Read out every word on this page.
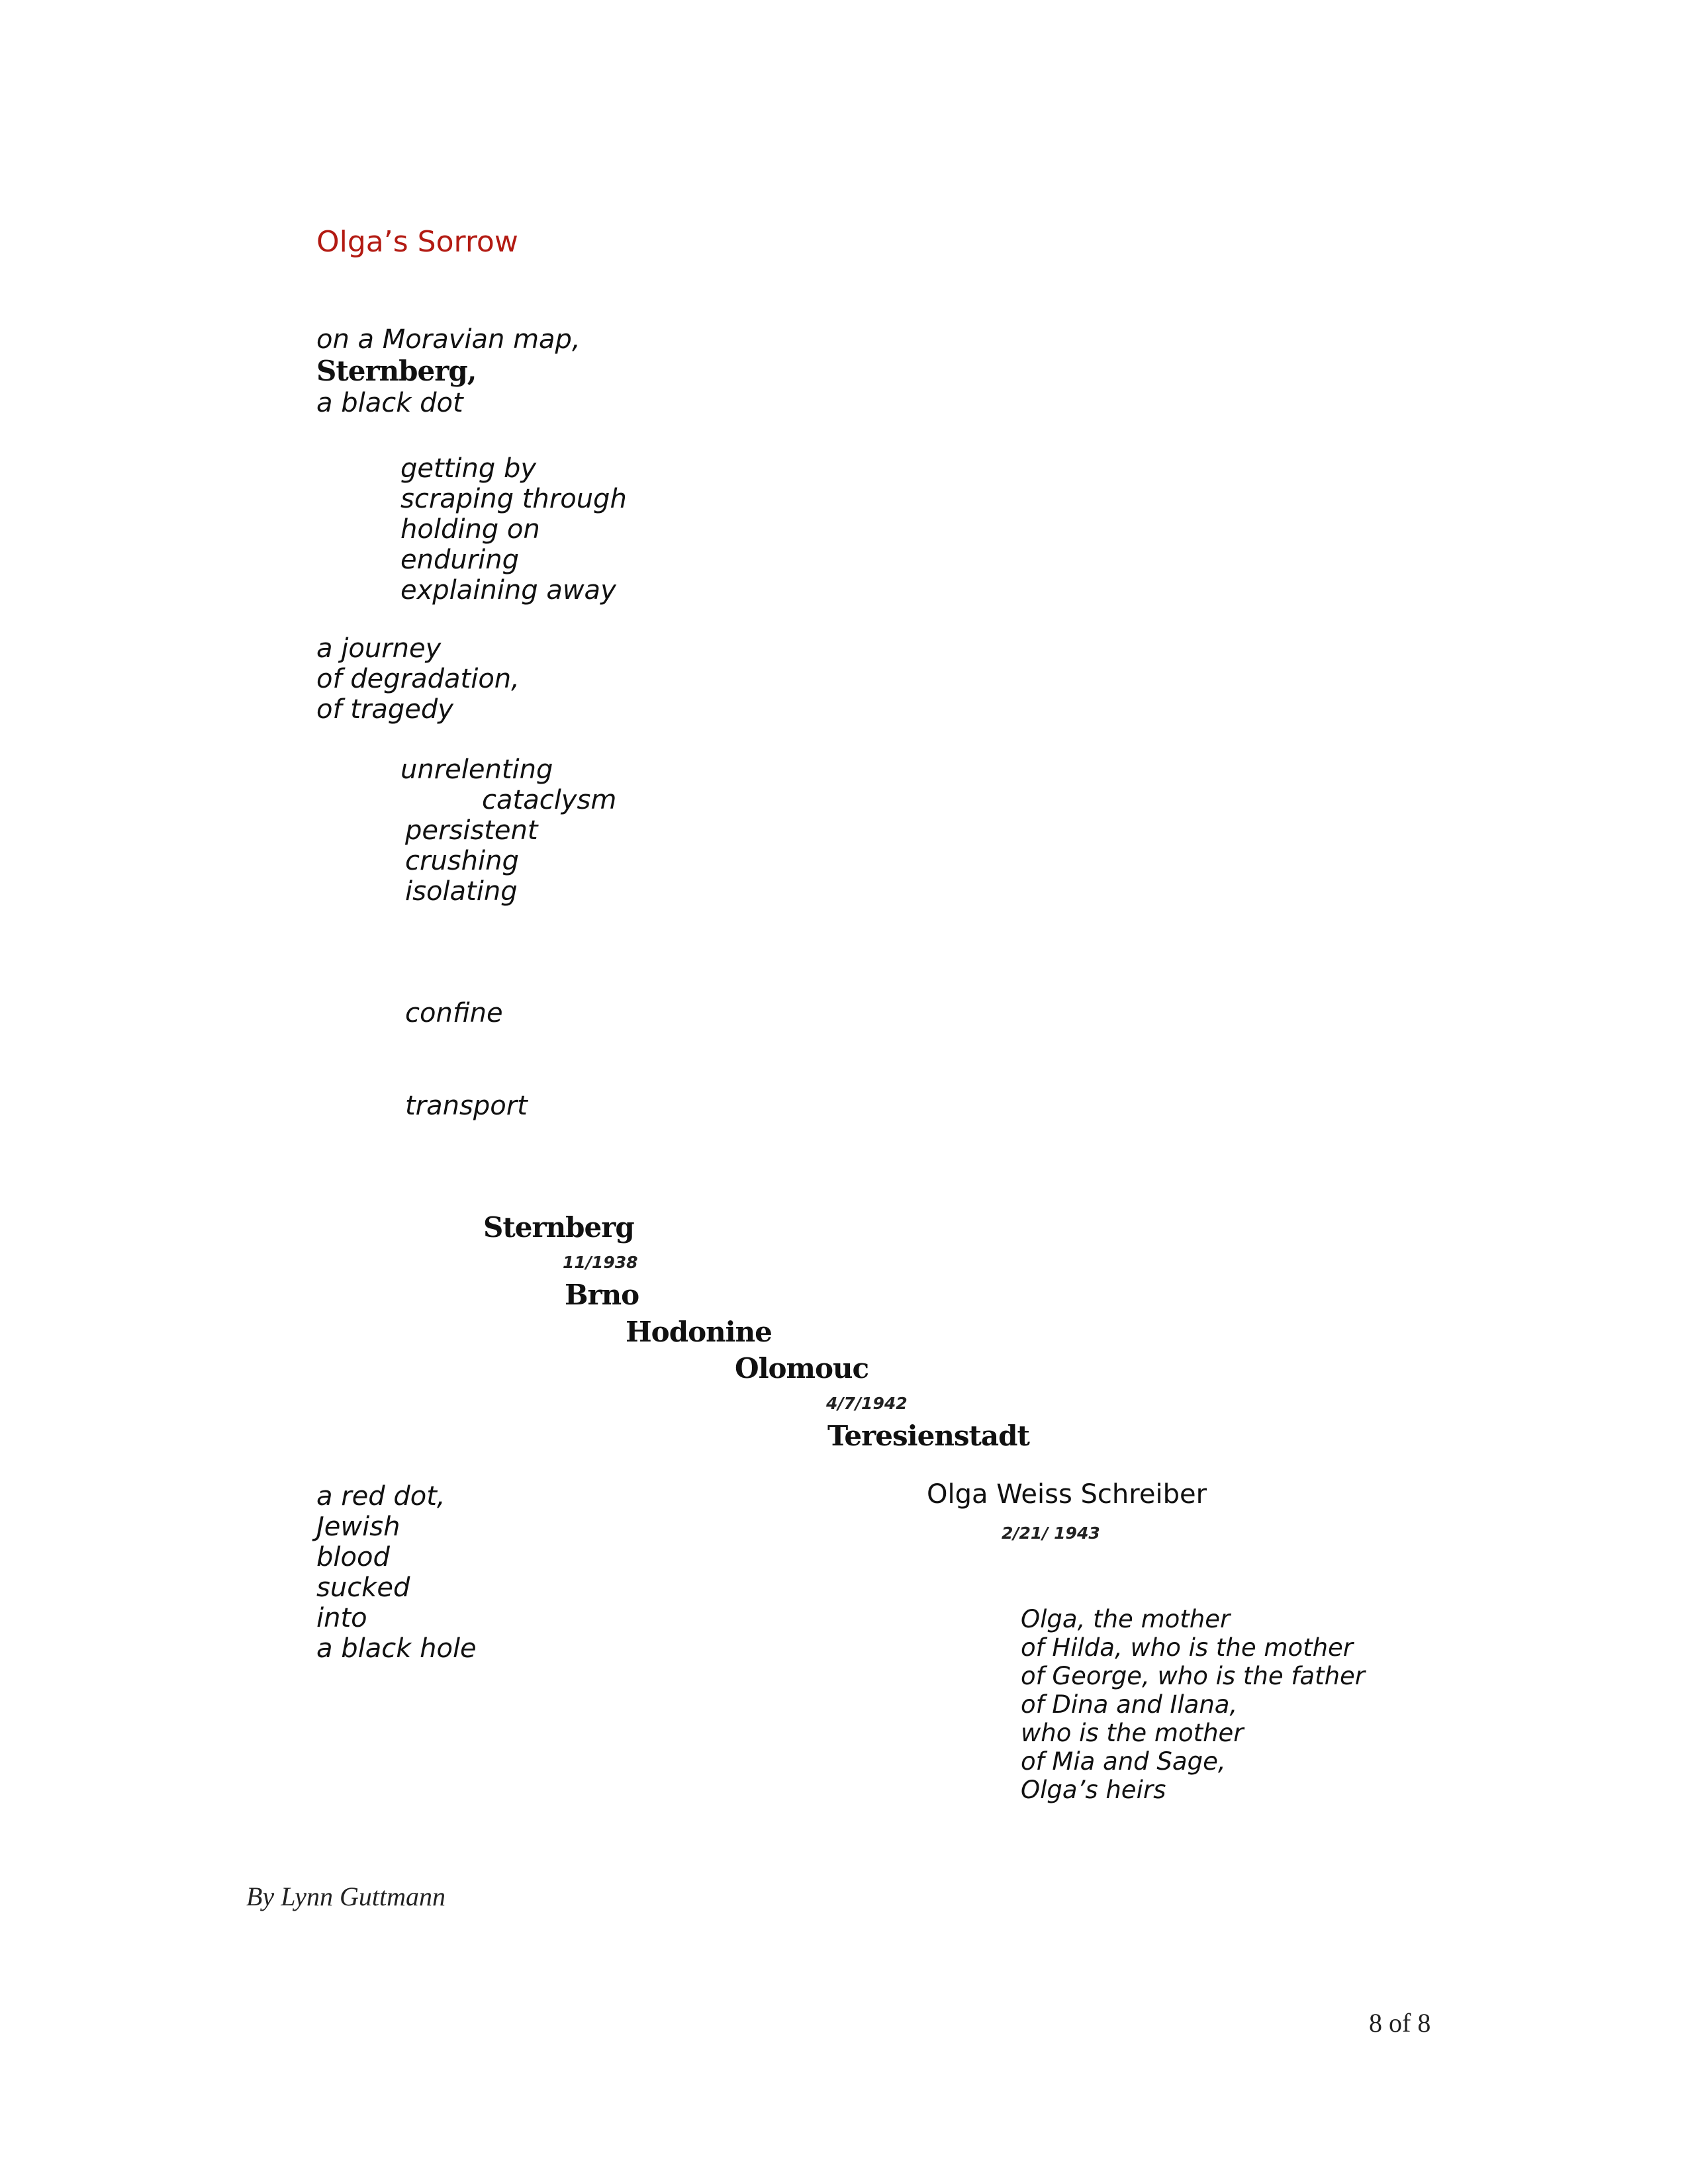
Olga’s Sorrow
on a Moravian map,
Sternberg,
a black dot
getting by
scraping through
holding on
enduring
explaining away
a journey
of degradation,
of tragedy
unrelenting
cataclysm
persistent
crushing
isolating
confine
transport
Sternberg
11/1938
Brno
Hodonine
Olomouc
4/7/1942
Teresienstadt
a red dot,
Jewish
blood
sucked
into
a black hole
Olga Weiss Schreiber
2/21/ 1943
Olga, the mother
of Hilda, who is the mother
of George, who is the father
of Dina and Ilana,
who is the mother
of Mia and Sage,
Olga’s heirs
By Lynn Guttmann
8 of 8
